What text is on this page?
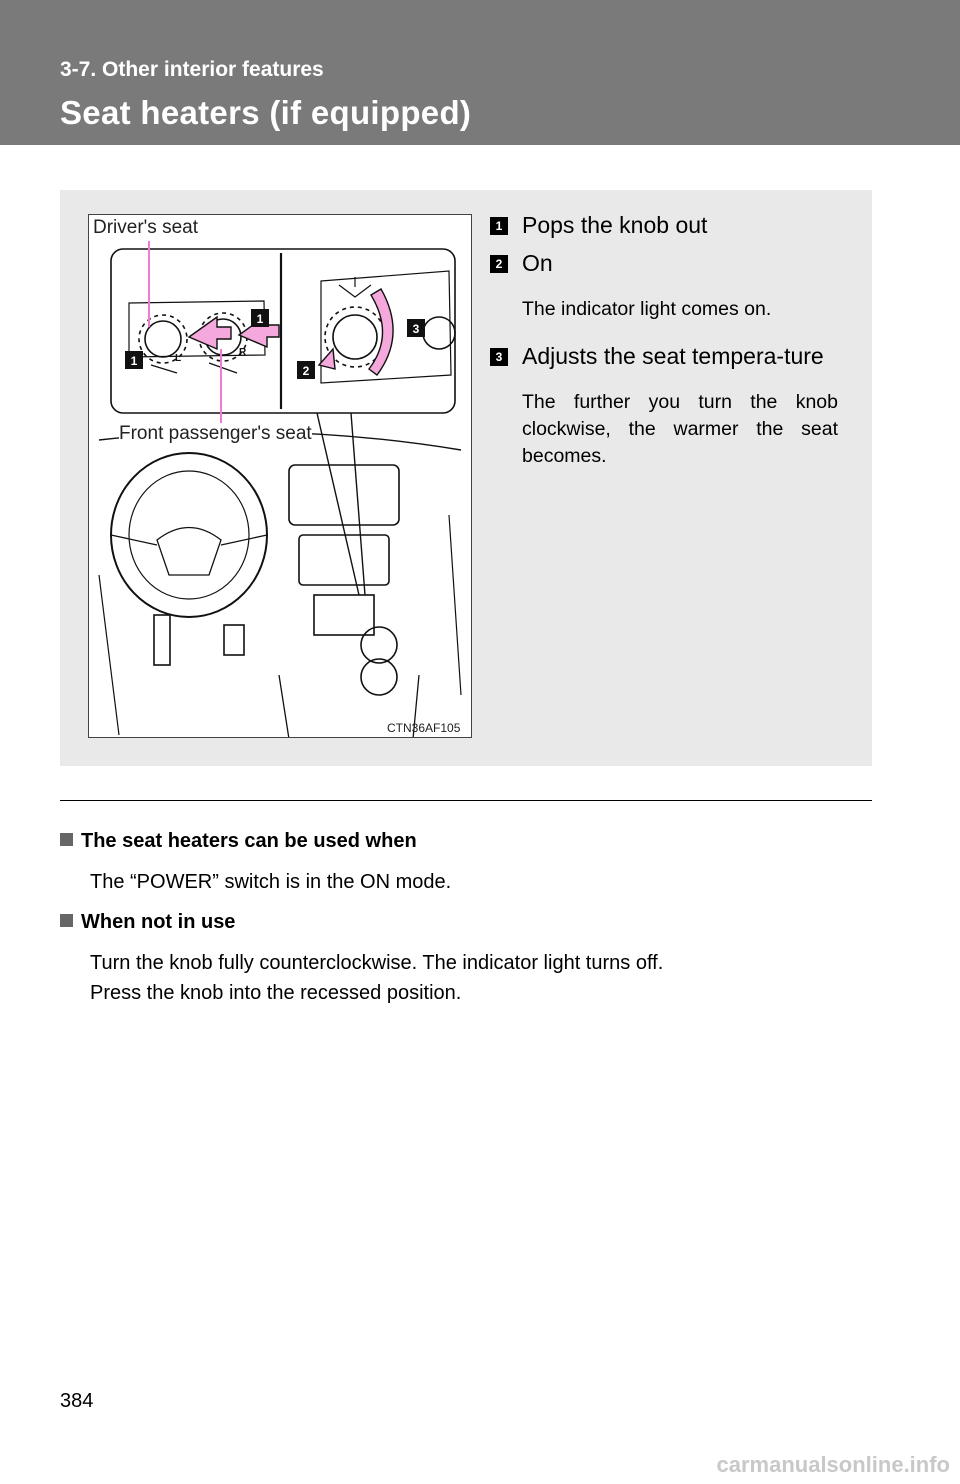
3-7. Other interior features

Seat heaters (if equipped)
1
1
2
3
L
R
Driver's seat
Front passenger's seat
CTN36AF105
1 Pops the knob out

2 On

The indicator light comes on.

3 Adjusts the seat tempera-ture

The further you turn the knob clockwise, the warmer the seat becomes.

The seat heaters can be used when

The “POWER” switch is in the ON mode.

When not in use

Turn the knob fully counterclockwise. The indicator light turns off.

Press the knob into the recessed position.

384
carmanualsonline.info
